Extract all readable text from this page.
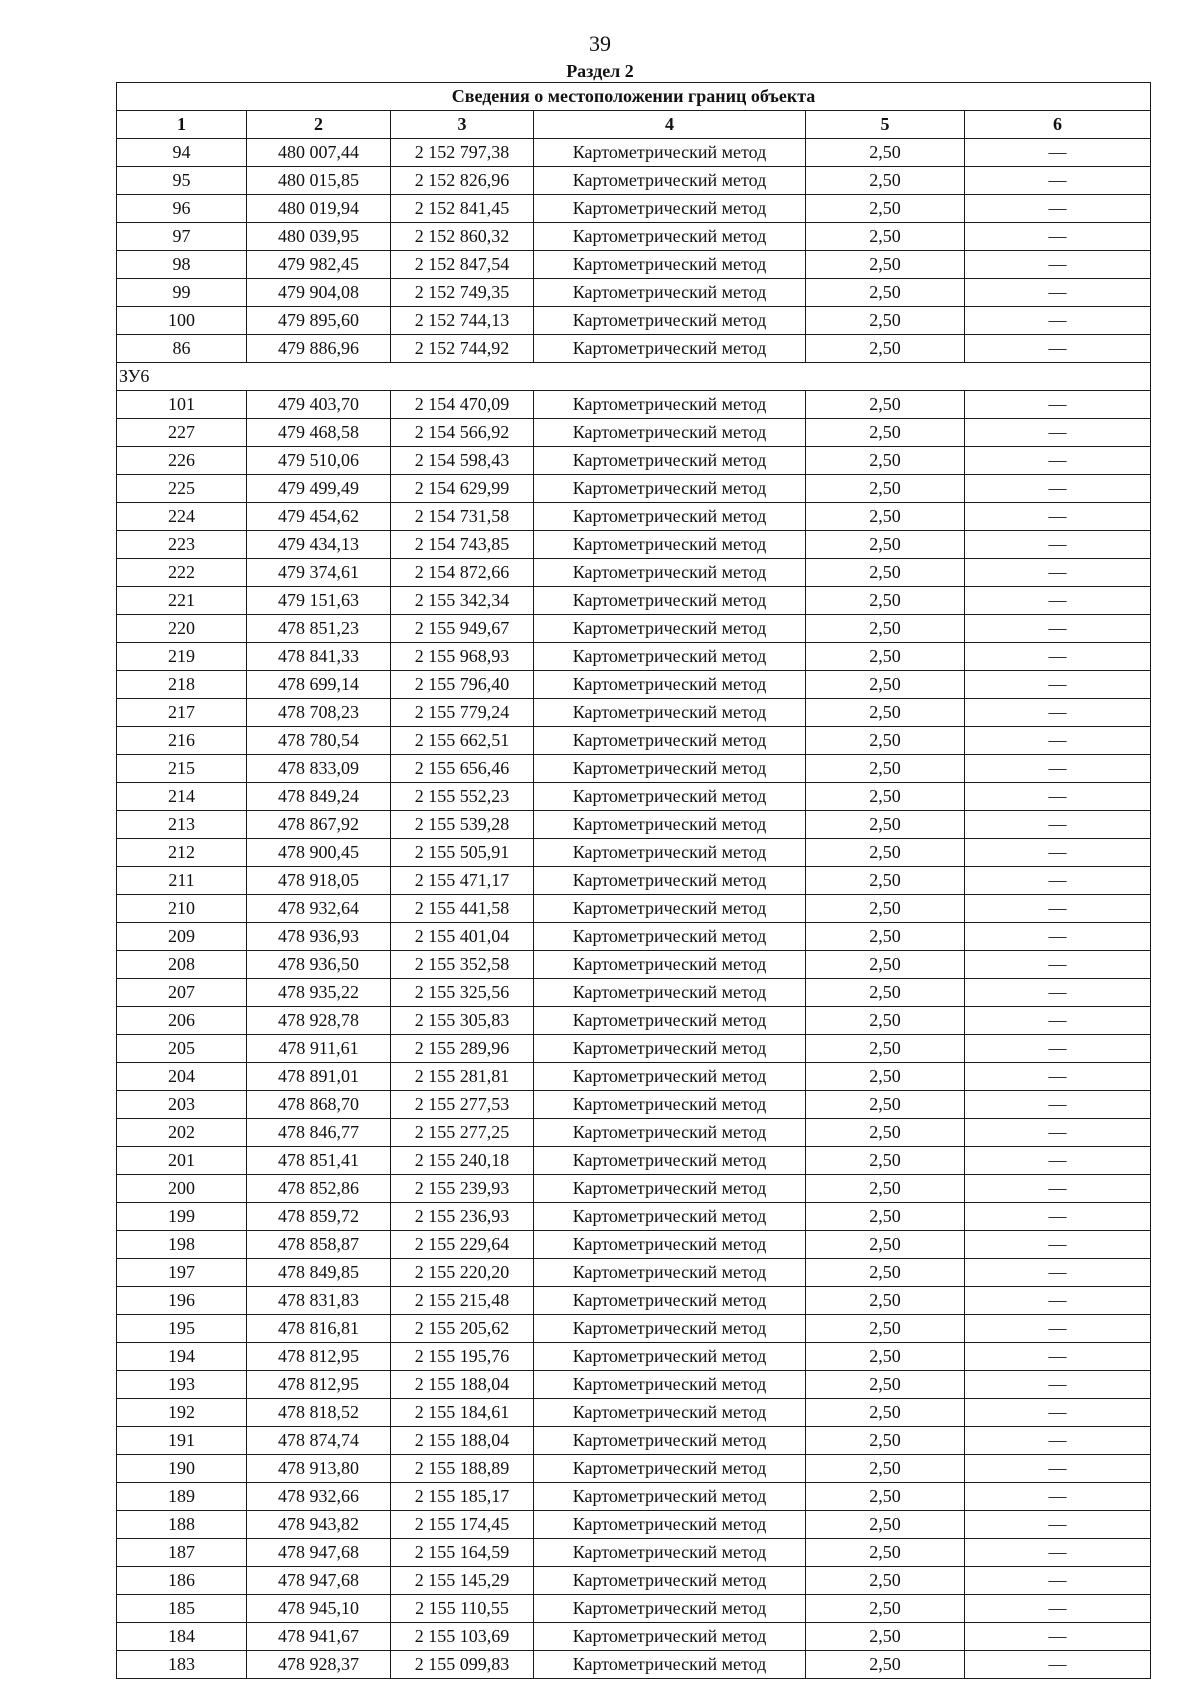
39
Раздел 2
Сведения о местоположении границ объекта					
1	2	3	4	5	6
94	480 007,44	2 152 797,38	Картометрический метод	2,50	—
95	480 015,85	2 152 826,96	Картометрический метод	2,50	—
96	480 019,94	2 152 841,45	Картометрический метод	2,50	—
97	480 039,95	2 152 860,32	Картометрический метод	2,50	—
98	479 982,45	2 152 847,54	Картометрический метод	2,50	—
99	479 904,08	2 152 749,35	Картометрический метод	2,50	—
100	479 895,60	2 152 744,13	Картометрический метод	2,50	—
86	479 886,96	2 152 744,92	Картометрический метод	2,50	—
ЗУ6					
101	479 403,70	2 154 470,09	Картометрический метод	2,50	—
227	479 468,58	2 154 566,92	Картометрический метод	2,50	—
226	479 510,06	2 154 598,43	Картометрический метод	2,50	—
225	479 499,49	2 154 629,99	Картометрический метод	2,50	—
224	479 454,62	2 154 731,58	Картометрический метод	2,50	—
223	479 434,13	2 154 743,85	Картометрический метод	2,50	—
222	479 374,61	2 154 872,66	Картометрический метод	2,50	—
221	479 151,63	2 155 342,34	Картометрический метод	2,50	—
220	478 851,23	2 155 949,67	Картометрический метод	2,50	—
219	478 841,33	2 155 968,93	Картометрический метод	2,50	—
218	478 699,14	2 155 796,40	Картометрический метод	2,50	—
217	478 708,23	2 155 779,24	Картометрический метод	2,50	—
216	478 780,54	2 155 662,51	Картометрический метод	2,50	—
215	478 833,09	2 155 656,46	Картометрический метод	2,50	—
214	478 849,24	2 155 552,23	Картометрический метод	2,50	—
213	478 867,92	2 155 539,28	Картометрический метод	2,50	—
212	478 900,45	2 155 505,91	Картометрический метод	2,50	—
211	478 918,05	2 155 471,17	Картометрический метод	2,50	—
210	478 932,64	2 155 441,58	Картометрический метод	2,50	—
209	478 936,93	2 155 401,04	Картометрический метод	2,50	—
208	478 936,50	2 155 352,58	Картометрический метод	2,50	—
207	478 935,22	2 155 325,56	Картометрический метод	2,50	—
206	478 928,78	2 155 305,83	Картометрический метод	2,50	—
205	478 911,61	2 155 289,96	Картометрический метод	2,50	—
204	478 891,01	2 155 281,81	Картометрический метод	2,50	—
203	478 868,70	2 155 277,53	Картометрический метод	2,50	—
202	478 846,77	2 155 277,25	Картометрический метод	2,50	—
201	478 851,41	2 155 240,18	Картометрический метод	2,50	—
200	478 852,86	2 155 239,93	Картометрический метод	2,50	—
199	478 859,72	2 155 236,93	Картометрический метод	2,50	—
198	478 858,87	2 155 229,64	Картометрический метод	2,50	—
197	478 849,85	2 155 220,20	Картометрический метод	2,50	—
196	478 831,83	2 155 215,48	Картометрический метод	2,50	—
195	478 816,81	2 155 205,62	Картометрический метод	2,50	—
194	478 812,95	2 155 195,76	Картометрический метод	2,50	—
193	478 812,95	2 155 188,04	Картометрический метод	2,50	—
192	478 818,52	2 155 184,61	Картометрический метод	2,50	—
191	478 874,74	2 155 188,04	Картометрический метод	2,50	—
190	478 913,80	2 155 188,89	Картометрический метод	2,50	—
189	478 932,66	2 155 185,17	Картометрический метод	2,50	—
188	478 943,82	2 155 174,45	Картометрический метод	2,50	—
187	478 947,68	2 155 164,59	Картометрический метод	2,50	—
186	478 947,68	2 155 145,29	Картометрический метод	2,50	—
185	478 945,10	2 155 110,55	Картометрический метод	2,50	—
184	478 941,67	2 155 103,69	Картометрический метод	2,50	—
183	478 928,37	2 155 099,83	Картометрический метод	2,50	—
